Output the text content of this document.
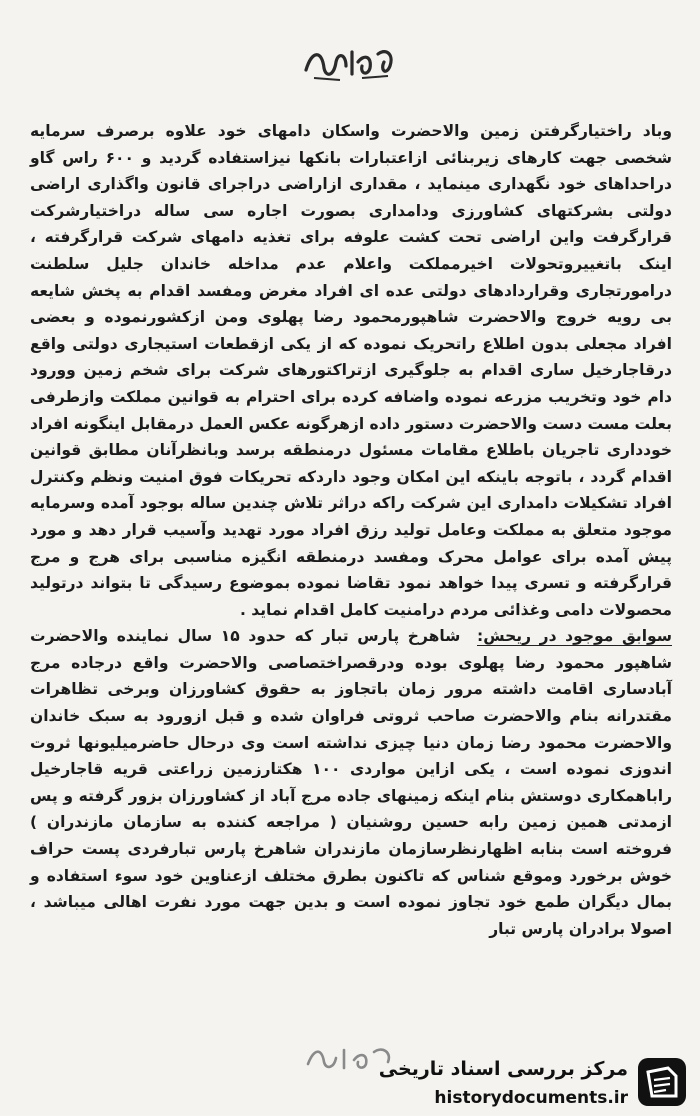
وباد راختیارگرفتن زمین والاحضرت واسکان دامهای خود علاوه برصرف سرمایه شخصی جهت کارهای زیربنائی ازاعتبارات بانکها نیزاستفاده گردید و ۶۰۰ راس گاو دراحداهای خود نگهداری مینماید ، مقداری ازاراضی دراجرای قانون واگذاری اراضی دولتی بشرکتهای کشاورزی ودامداری بصورت اجاره سی ساله دراختیارشرکت قرارگرفت واین اراضی تحت کشت علوفه برای تغذیه دامهای شرکت قرارگرفته ، اینک باتغییروتحولات اخیرمملکت واعلام عدم مداخله خاندان جلیل سلطنت درامورتجاری وقراردادهای دولتی عده ای افراد مغرض ومفسد اقدام به پخش شایعه بی رویه خروج والاحضرت شاهپورمحمود رضا پهلوی ومن ازکشورنموده و بعضی افراد مجعلی بدون اطلاع راتحریک نموده که از یکی ازقطعات استیجاری دولتی واقع درقاجارخیل ساری اقدام به جلوگیری ازتراکتورهای شرکت برای شخم زمین وورود دام خود وتخریب مزرعه نموده واضافه کرده برای احترام به قوانین مملکت وازطرفی بعلت مست دست والاحضرت دستور داده ازهرگونه عکس العمل درمقابل اینگونه افراد خودداری تاجریان باطلاع مقامات مسئول درمنطقه برسد وبانظرآنان مطابق قوانین اقدام گردد ، باتوجه باینکه این امکان وجود داردکه تحریکات فوق امنیت ونظم وکنترل افراد تشکیلات دامداری این شرکت راکه دراثر تلاش چندین ساله بوجود آمده وسرمایه موجود متعلق به مملکت وعامل تولید رزق افراد مورد تهدید وآسیب قرار دهد و مورد پیش آمده برای عوامل محرک ومفسد درمنطقه انگیزه مناسبی برای هرج و مرج قرارگرفته و تسری پیدا خواهد نمود تقاضا نموده بموضوع رسیدگی تا بتواند درتولید محصولات دامی وغذائی مردم درامنیت کامل اقدام نماید .

سوابق موجود در ریحش: شاهرخ پارس تبار که حدود ۱۵ سال نماینده والاحضرت شاهپور محمود رضا پهلوی بوده ودرقصراختصاصی والاحضرت واقع درجاده مرج آبادساری اقامت داشته مرور زمان باتجاوز به حقوق کشاورزان وبرخی تظاهرات مقتدرانه بنام والاحضرت صاحب ثروتی فراوان شده و قبل ازورود به سبک خاندان والاحضرت محمود رضا زمان دنیا چیزی نداشته است وی درحال حاضرمیلیونها ثروت اندوزی نموده است ، یکی ازاین مواردی ۱۰۰ هکتارزمین زراعتی قریه قاجارخیل راباهمکاری دوستش بنام اینکه زمینهای جاده مرج آباد از کشاورزان بزور گرفته و پس ازمدتی همین زمین رابه حسین روشنیان ( مراجعه کننده به سازمان مازندران ) فروخته است بنابه اظهارنظرسازمان مازندران شاهرخ پارس تبارفردی پست حراف خوش برخورد وموقع شناس که تاکنون بطرق مختلف ازعناوین خود سوء استفاده و بمال دیگران طمع خود تجاوز نموده است و بدین جهت مورد نفرت اهالی میباشد ، اصولا برادران پارس تبار

مرکز بررسی اسناد تاریخی
historydocuments.ir
